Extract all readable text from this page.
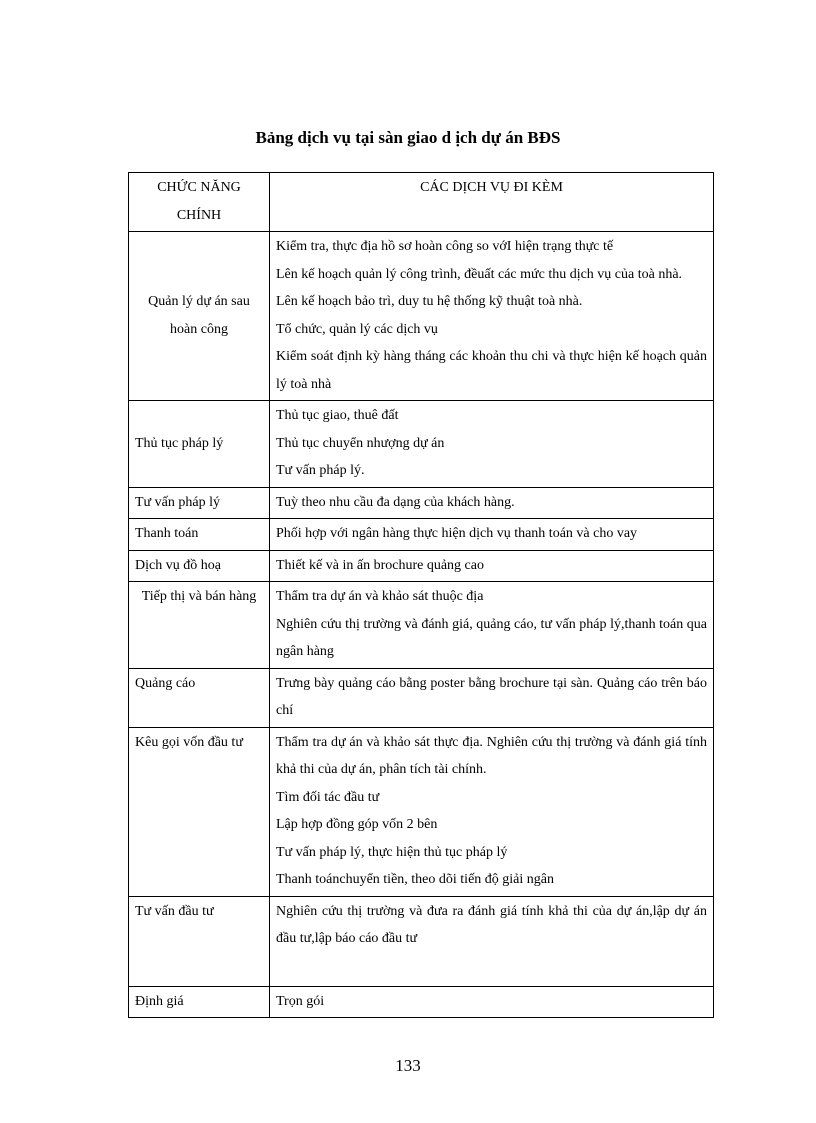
Bảng dịch vụ tại sàn giao d ịch dự án BĐS
CHỨC NĂNG CHÍNH	CÁC DỊCH VỤ ĐI KÈM
Quản lý dự án sau hoàn công	Kiểm tra, thực địa hồ sơ hoàn công so vớI hiện trạng thực tế
Lên kế hoạch quản lý công trình, đềuất các mức thu dịch vụ của toà nhà.
Lên kế hoạch bảo trì, duy tu hệ thống kỹ thuật toà nhà.
Tổ chức, quản lý các dịch vụ
Kiểm soát định kỳ hàng tháng các khoản thu chi và thực hiện kế hoạch quản lý toà nhà

Thủ tục pháp lý	Thủ tục giao, thuê đất
Thủ tục chuyển nhượng dự án
Tư vấn pháp lý.

Tư vấn pháp lý	Tuỳ theo nhu cầu đa dạng của khách hàng.

Thanh toán	Phối hợp với ngân hàng thực hiện dịch vụ thanh toán và cho vay

Dịch vụ đồ hoạ	Thiết kế và in ấn brochure quảng cao

Tiếp thị và bán hàng	Thẩm tra dự án và khảo sát thuộc địa
Nghiên cứu thị trường và đánh giá, quảng cáo, tư vấn pháp lý,thanh toán qua ngân hàng

Quảng cáo	Trưng bày quảng cáo bằng poster bằng brochure tại sàn. Quảng cáo trên báo chí

Kêu gọi vốn đầu tư	Thẩm tra dự án và khảo sát thực địa. Nghiên cứu thị trường và đánh giá tính khả thi của dự án, phân tích tài chính.
Tìm đối tác đầu tư
Lập hợp đồng góp vốn 2 bên
Tư vấn pháp lý, thực hiện thủ tục pháp lý
Thanh toánchuyển tiền, theo dõi tiến độ giải ngân

Tư vấn đầu tư	Nghiên cứu thị trường và đưa ra đánh giá tính khả thi của dự án,lập dự án đầu tư,lập báo cáo đầu tư

Định giá	Trọn gói
133
